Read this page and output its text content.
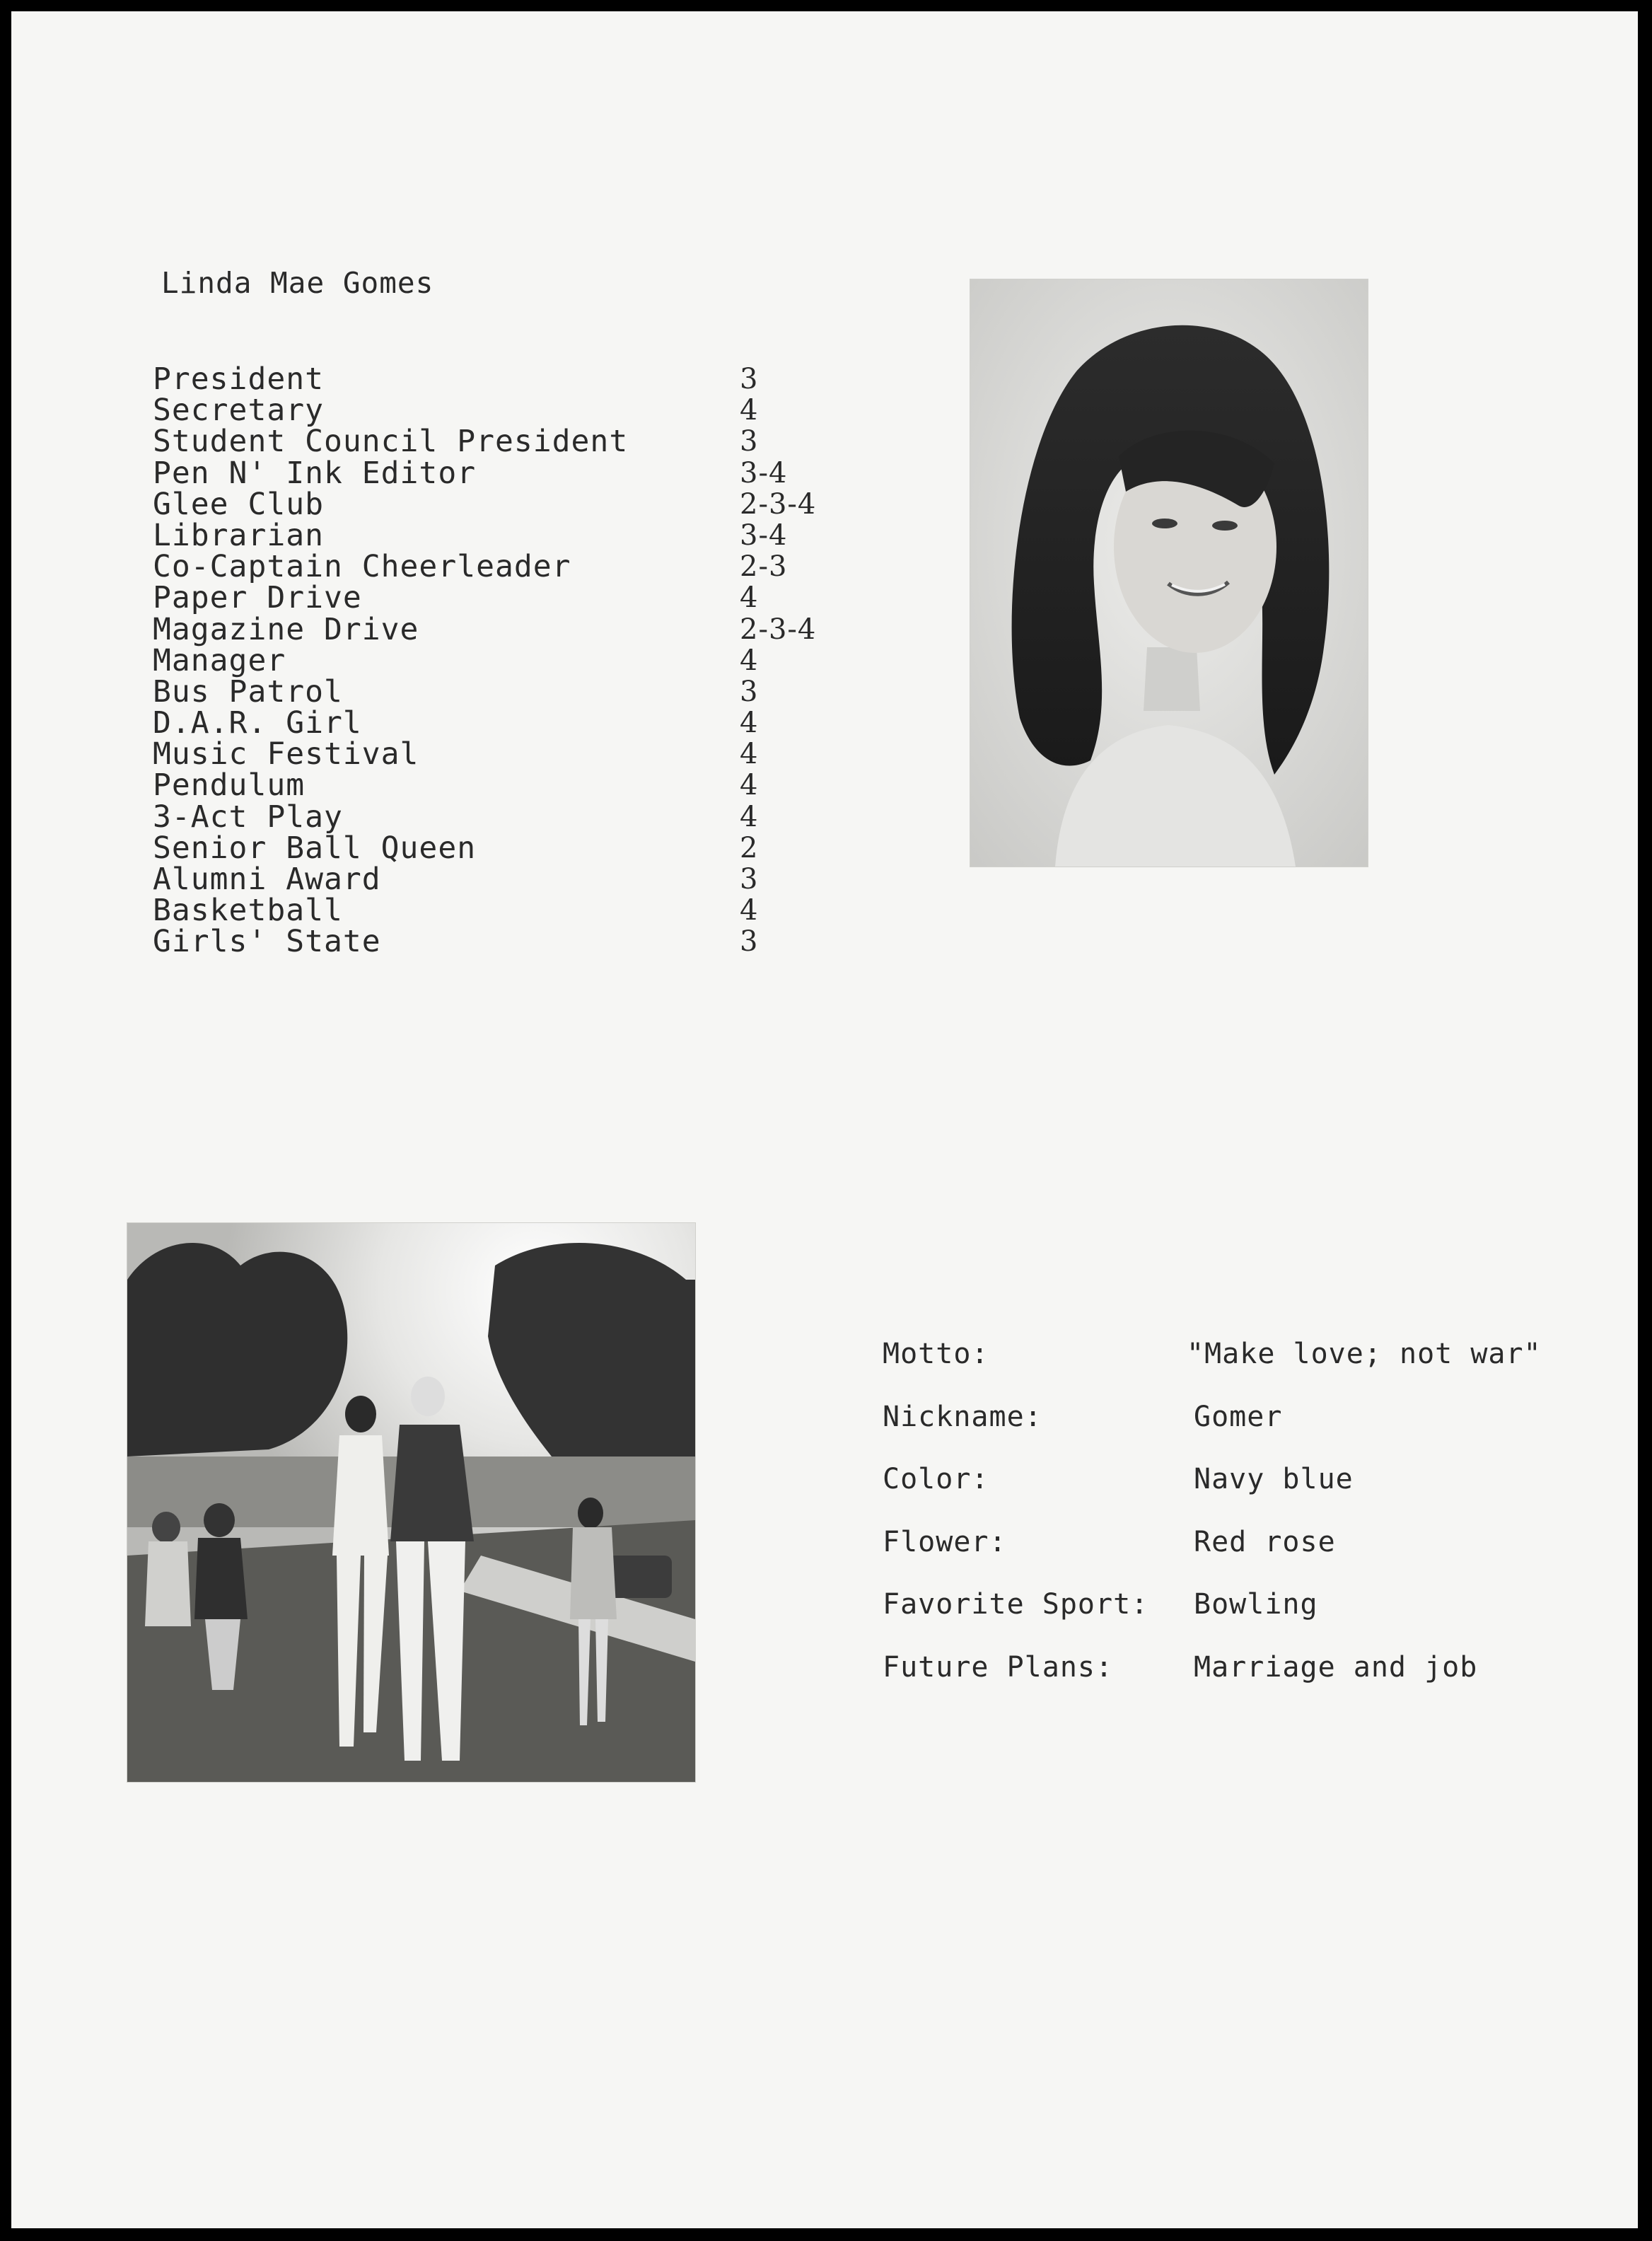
Linda Mae Gomes
President	3
Secretary	4
Student Council President	3
Pen N' Ink Editor	3-4
Glee Club	2-3-4
Librarian	3-4
Co-Captain Cheerleader	2-3
Paper Drive	4
Magazine Drive	2-3-4
Manager	4
Bus Patrol	3
D.A.R. Girl	4
Music Festival	4
Pendulum	4
3-Act Play	4
Senior Ball Queen	2
Alumni Award	3
Basketball	4
Girls' State	3
Motto:	"Make love; not war"
Nickname:	Gomer
Color:	Navy blue
Flower:	Red rose
Favorite Sport: Bowling
Future Plans:	Marriage and job
